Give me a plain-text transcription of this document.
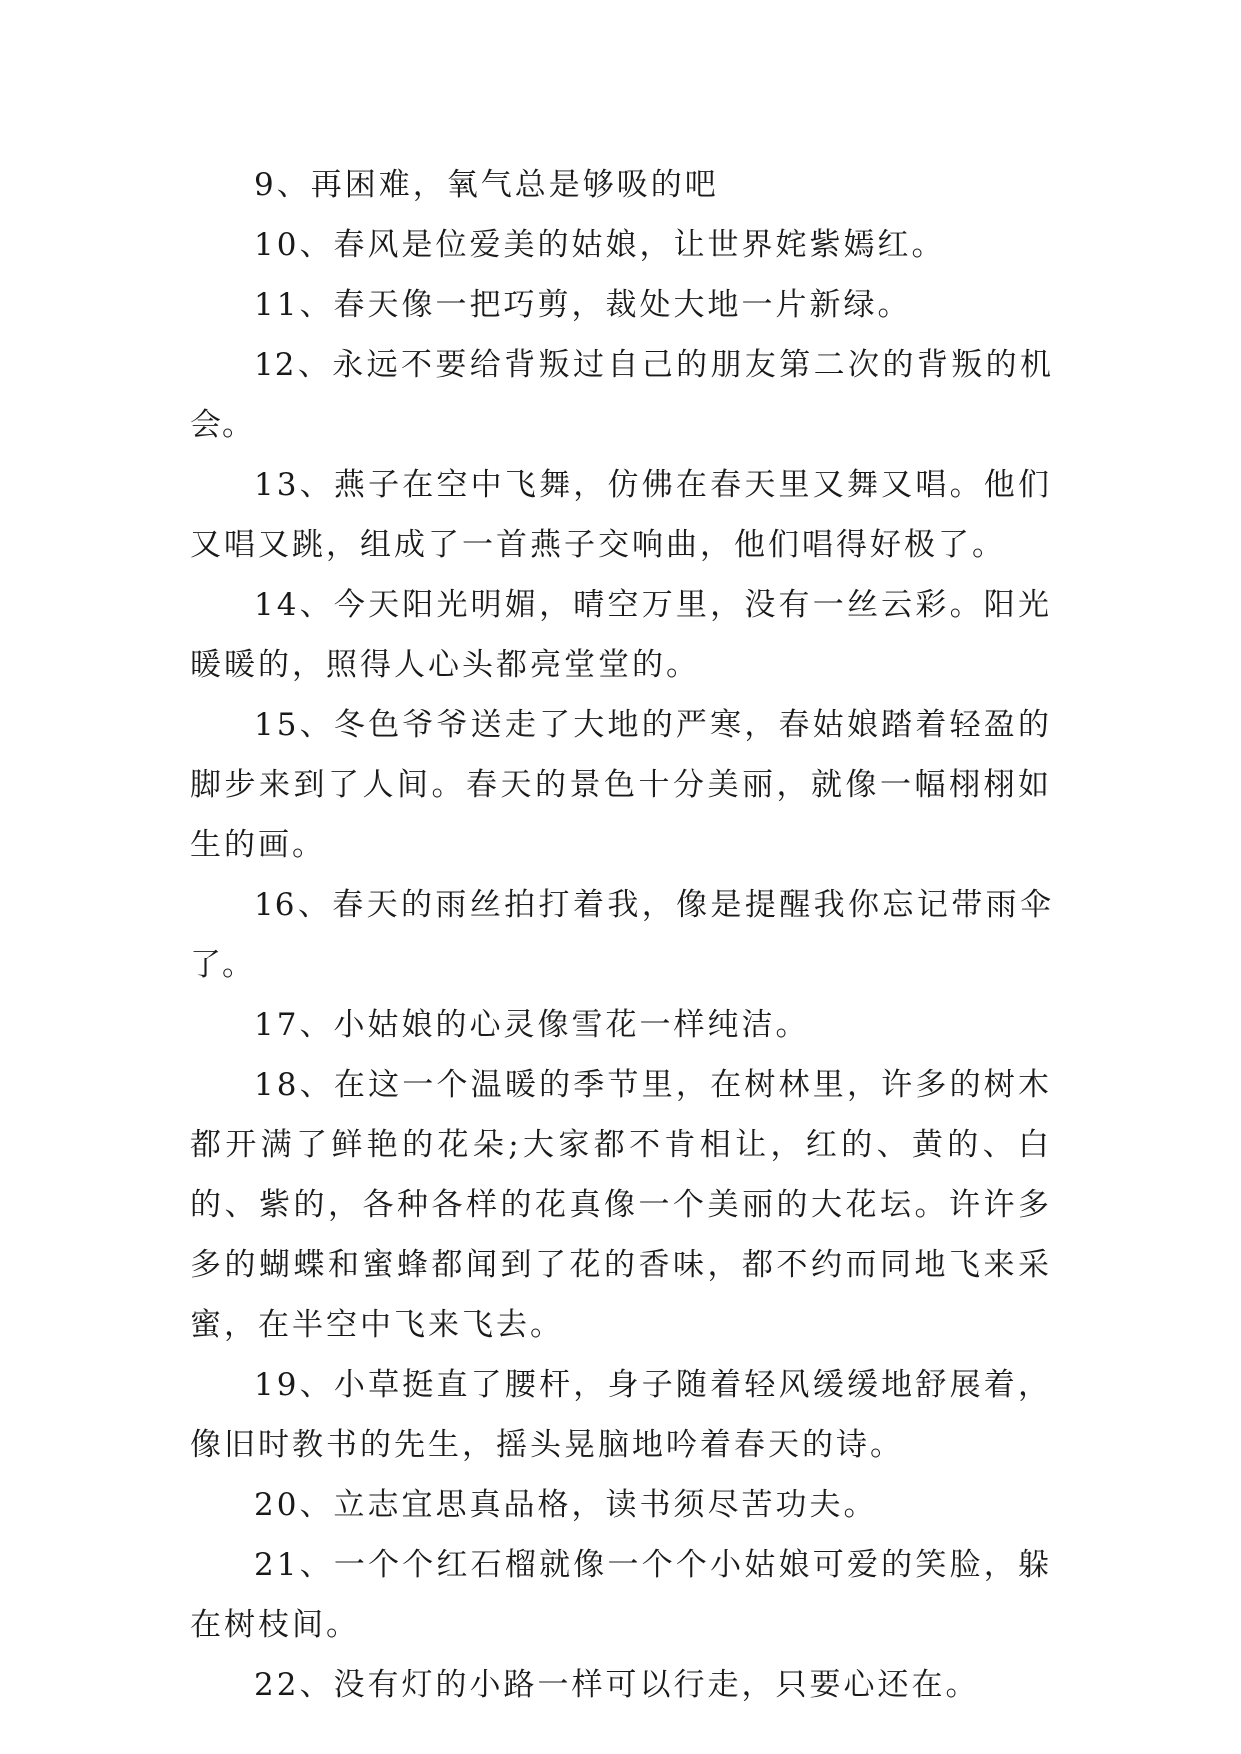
9、再困难，氧气总是够吸的吧

10、春风是位爱美的姑娘，让世界姹紫嫣红。

11、春天像一把巧剪，裁处大地一片新绿。

12、永远不要给背叛过自己的朋友第二次的背叛的机会。

13、燕子在空中飞舞，仿佛在春天里又舞又唱。他们又唱又跳，组成了一首燕子交响曲，他们唱得好极了。

14、今天阳光明媚，晴空万里，没有一丝云彩。阳光暖暖的，照得人心头都亮堂堂的。

15、冬色爷爷送走了大地的严寒，春姑娘踏着轻盈的脚步来到了人间。春天的景色十分美丽，就像一幅栩栩如生的画。

16、春天的雨丝拍打着我，像是提醒我你忘记带雨伞了。

17、小姑娘的心灵像雪花一样纯洁。

18、在这一个温暖的季节里，在树林里，许多的树木都开满了鲜艳的花朵;大家都不肯相让，红的、黄的、白的、紫的，各种各样的花真像一个美丽的大花坛。许许多多的蝴蝶和蜜蜂都闻到了花的香味，都不约而同地飞来采蜜，在半空中飞来飞去。

19、小草挺直了腰杆，身子随着轻风缓缓地舒展着，像旧时教书的先生，摇头晃脑地吟着春天的诗。

20、立志宜思真品格，读书须尽苦功夫。

21、一个个红石榴就像一个个小姑娘可爱的笑脸，躲在树枝间。

22、没有灯的小路一样可以行走，只要心还在。
